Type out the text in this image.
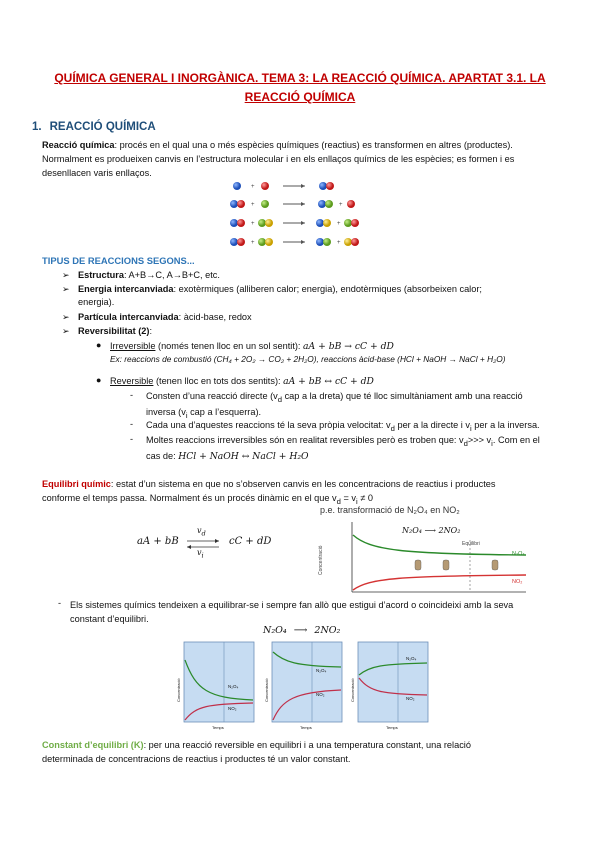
QUÍMICA GENERAL I INORGÀNICA. TEMA 3: LA REACCIÓ QUÍMICA. APARTAT 3.1. LA
REACCIÓ QUÍMICA
1. REACCIÓ QUÍMICA
Reacció química: procés en el qual una o més espècies químiques (reactius) es transformen en altres (productes).
Normalment es produeixen canvis en l’estructura molecular i en els enllaços químics de les espècies; es formen i es
desenllacen varis enllaços.
+
+	+
+	+
+	+
TIPUS DE REACCIONS SEGONS...
➢ Estructura: A+B→C, A→B+C, etc.
➢ Energia intercanviada: exotèrmiques (alliberen calor; energia), endotèrmiques (absorbeixen calor;
energia).
➢ Partícula intercanviada: àcid-base, redox
➢ Reversibilitat (2):
● Irreversible (només tenen lloc en un sol sentit): aA + bB → cC + dD
Ex: reaccions de combustió (CH₄ + 2O₂ → CO₂ + 2H₂O), reaccions àcid-base (HCl + NaOH → NaCl + H₂O)
● Reversible (tenen lloc en tots dos sentits): aA + bB ↔ cC + dD
- Consten d’una reacció directe ($v_d$ cap a la dreta) que té lloc simultàniament amb una reacció
inversa ($v_i$ cap a l’esquerra).
- Cada una d’aquestes reaccions té la seva pròpia velocitat: $v_d$ per a la directe i $v_i$ per a la inversa.
- Moltes reaccions irreversibles són en realitat reversibles però es troben que: $v_d>>> v_i$. Com en el
cas de: HCl + NaOH ↔ NaCl + H₂O
Equilibri químic: estat d’un sistema en que no s’observen canvis en les concentracions de reactius i productes
conforme el temps passa. Normalment és un procés dinàmic en el que $v_d = v_i \ne 0$
aA + bB
$v_d$
$v_i$
cC + dD
p.e. transformació de N₂O₄ en NO₂
N₂O₄ ⟶ 2NO₂
Equilibri
N₂O₄
NO₂
Concentració
- Els sistemes químics tendeixen a equilibrar-se i sempre fan allò que estigui d’acord o coincideixi amb la seva
constant d’equilibri.
N₂O₄ ⟶ 2NO₂
N₂O₄
NO₂
Concentració
Temps
N₂O₄
NO₂
Concentració
Temps
N₂O₄
NO₂
Concentració
Temps
Constant d’equilibri (K): per una reacció reversible en equilibri i a una temperatura constant, una relació
determinada de concentracions de reactius i productes té un valor constant.
